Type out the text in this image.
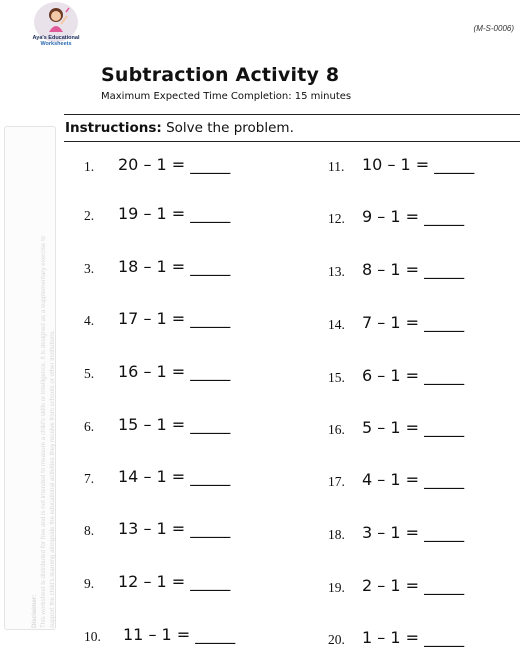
Aya's Educational
Worksheets
(M-S-0006)
Subtraction Activity 8
Maximum Expected Time Completion: 15 minutes
Instructions: Solve the problem.
Disclaimer: This worksheet is distributed for free and is not intended to measure a child's skills or intelligence. It is designed as a supplementary exercise to support the child's learning alongside the educational activities they receive from schools or other institutions.
1. 20 – 1 = _____
2. 19 – 1 = _____
3. 18 – 1 = _____
4. 17 – 1 = _____
5. 16 – 1 = _____
6. 15 – 1 = _____
7. 14 – 1 = _____
8. 13 – 1 = _____
9. 12 – 1 = _____
10. 11 – 1 = _____
11. 10 – 1 = _____
12. 9 – 1 = _____
13. 8 – 1 = _____
14. 7 – 1 = _____
15. 6 – 1 = _____
16. 5 – 1 = _____
17. 4 – 1 = _____
18. 3 – 1 = _____
19. 2 – 1 = _____
20. 1 – 1 = _____
